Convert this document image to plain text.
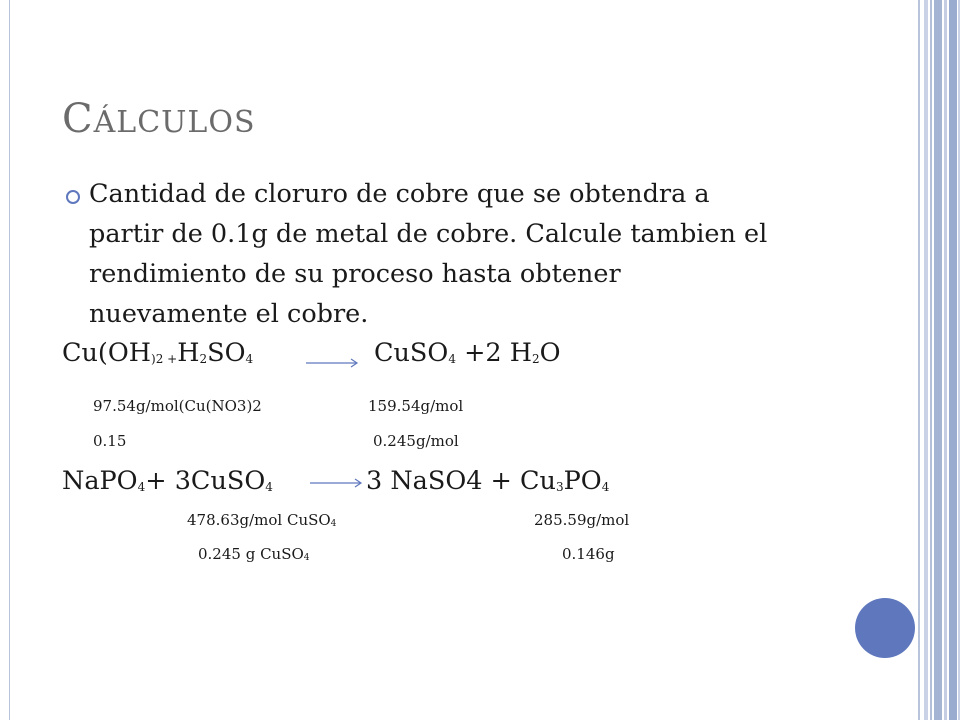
CÁLCULOS

Cantidad de cloruro de cobre que se obtendra a partir de 0.1g de metal de cobre. Calcule tambien el rendimiento de su proceso hasta obtener nuevamente el cobre.

$Cu(OH_{)2 +}H_2SO_4$	CuSO$_4$ +2 $H_2O$
97.54g/mol(Cu(NO3)2	159.54g/mol
0.15	0.245g/mol
NaPO$_4$+ 3CuSO$_4$	3 NaSO4 + $Cu_3PO_4$
478.63g/mol CuSO$_4$	285.59g/mol
0.245 g CuSO$_4$	0.146g
